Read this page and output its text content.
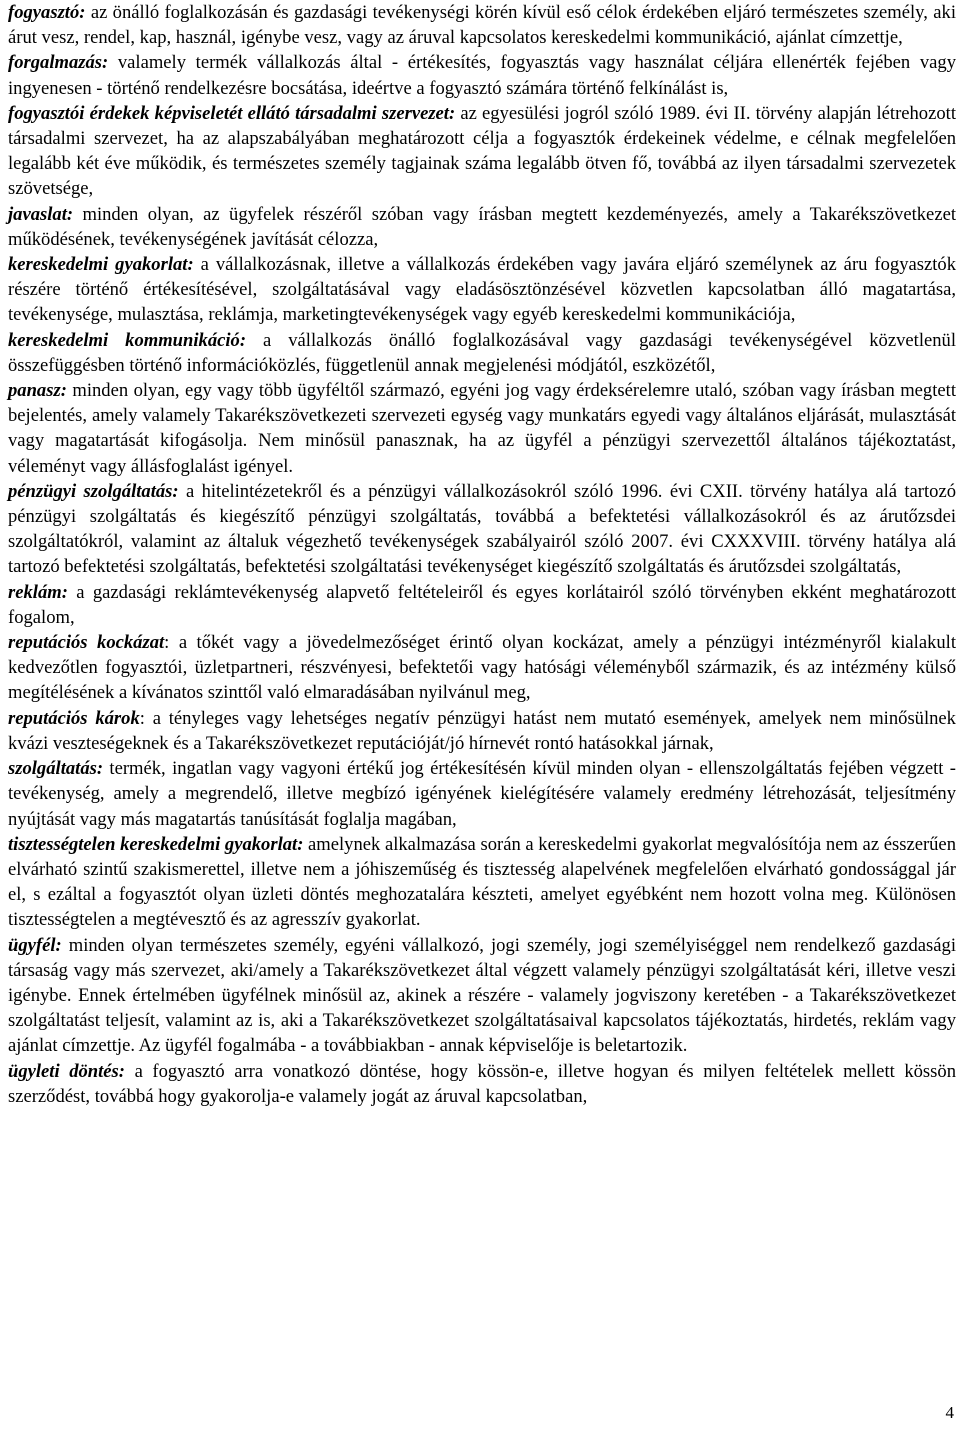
fogyasztó: az önálló foglalkozásán és gazdasági tevékenységi körén kívül eső célok érdekében eljáró természetes személy, aki árut vesz, rendel, kap, használ, igénybe vesz, vagy az áruval kapcsolatos kereskedelmi kommunikáció, ajánlat címzettje,

forgalmazás: valamely termék vállalkozás által - értékesítés, fogyasztás vagy használat céljára ellenérték fejében vagy ingyenesen - történő rendelkezésre bocsátása, ideértve a fogyasztó számára történő felkínálást is,

fogyasztói érdekek képviseletét ellátó társadalmi szervezet: az egyesülési jogról szóló 1989. évi II. törvény alapján létrehozott társadalmi szervezet, ha az alapszabályában meghatározott célja a fogyasztók érdekeinek védelme, e célnak megfelelően legalább két éve működik, és természetes személy tagjainak száma legalább ötven fő, továbbá az ilyen társadalmi szervezetek szövetsége,

javaslat: minden olyan, az ügyfelek részéről szóban vagy írásban megtett kezdeményezés, amely a Takarékszövetkezet működésének, tevékenységének javítását célozza,

kereskedelmi gyakorlat: a vállalkozásnak, illetve a vállalkozás érdekében vagy javára eljáró személynek az áru fogyasztók részére történő értékesítésével, szolgáltatásával vagy eladásösztönzésével közvetlen kapcsolatban álló magatartása, tevékenysége, mulasztása, reklámja, marketingtevékenységek vagy egyéb kereskedelmi kommunikációja,

kereskedelmi kommunikáció: a vállalkozás önálló foglalkozásával vagy gazdasági tevékenységével közvetlenül összefüggésben történő információközlés, függetlenül annak megjelenési módjától, eszközétől,

panasz: minden olyan, egy vagy több ügyféltől származó, egyéni jog vagy érdeksérelemre utaló, szóban vagy írásban megtett bejelentés, amely valamely Takarékszövetkezeti szervezeti egység vagy munkatárs egyedi vagy általános eljárását, mulasztását vagy magatartását kifogásolja. Nem minősül panasznak, ha az ügyfél a pénzügyi szervezettől általános tájékoztatást, véleményt vagy állásfoglalást igényel.

pénzügyi szolgáltatás: a hitelintézetekről és a pénzügyi vállalkozásokról szóló 1996. évi CXII. törvény hatálya alá tartozó pénzügyi szolgáltatás és kiegészítő pénzügyi szolgáltatás, továbbá a befektetési vállalkozásokról és az árutőzsdei szolgáltatókról, valamint az általuk végezhető tevékenységek szabályairól szóló 2007. évi CXXXVIII. törvény hatálya alá tartozó befektetési szolgáltatás, befektetési szolgáltatási tevékenységet kiegészítő szolgáltatás és árutőzsdei szolgáltatás,

reklám: a gazdasági reklámtevékenység alapvető feltételeiről és egyes korlátairól szóló törvényben ekként meghatározott fogalom,

reputációs kockázat: a tőkét vagy a jövedelmezőséget érintő olyan kockázat, amely a pénzügyi intézményről kialakult kedvezőtlen fogyasztói, üzletpartneri, részvényesi, befektetői vagy hatósági véleményből származik, és az intézmény külső megítélésének a kívánatos szinttől való elmaradásában nyilvánul meg,

reputációs károk: a tényleges vagy lehetséges negatív pénzügyi hatást nem mutató események, amelyek nem minősülnek kvázi veszteségeknek és a Takarékszövetkezet reputációját/jó hírnevét rontó hatásokkal járnak,

szolgáltatás: termék, ingatlan vagy vagyoni értékű jog értékesítésén kívül minden olyan - ellenszolgáltatás fejében végzett - tevékenység, amely a megrendelő, illetve megbízó igényének kielégítésére valamely eredmény létrehozását, teljesítmény nyújtását vagy más magatartás tanúsítását foglalja magában,

tisztességtelen kereskedelmi gyakorlat: amelynek alkalmazása során a kereskedelmi gyakorlat megvalósítója nem az ésszerűen elvárható szintű szakismerettel, illetve nem a jóhiszeműség és tisztesség alapelvének megfelelően elvárható gondossággal jár el, s ezáltal a fogyasztót olyan üzleti döntés meghozatalára készteti, amelyet egyébként nem hozott volna meg. Különösen tisztességtelen a megtévesztő és az agresszív gyakorlat.

ügyfél: minden olyan természetes személy, egyéni vállalkozó, jogi személy, jogi személyiséggel nem rendelkező gazdasági társaság vagy más szervezet, aki/amely a Takarékszövetkezet által végzett valamely pénzügyi szolgáltatását kéri, illetve veszi igénybe. Ennek értelmében ügyfélnek minősül az, akinek a részére - valamely jogviszony keretében - a Takarékszövetkezet szolgáltatást teljesít, valamint az is, aki a Takarékszövetkezet szolgáltatásaival kapcsolatos tájékoztatás, hirdetés, reklám vagy ajánlat címzettje. Az ügyfél fogalmába - a továbbiakban - annak képviselője is beletartozik.

ügyleti döntés: a fogyasztó arra vonatkozó döntése, hogy kössön-e, illetve hogyan és milyen feltételek mellett kössön szerződést, továbbá hogy gyakorolja-e valamely jogát az áruval kapcsolatban,

4
